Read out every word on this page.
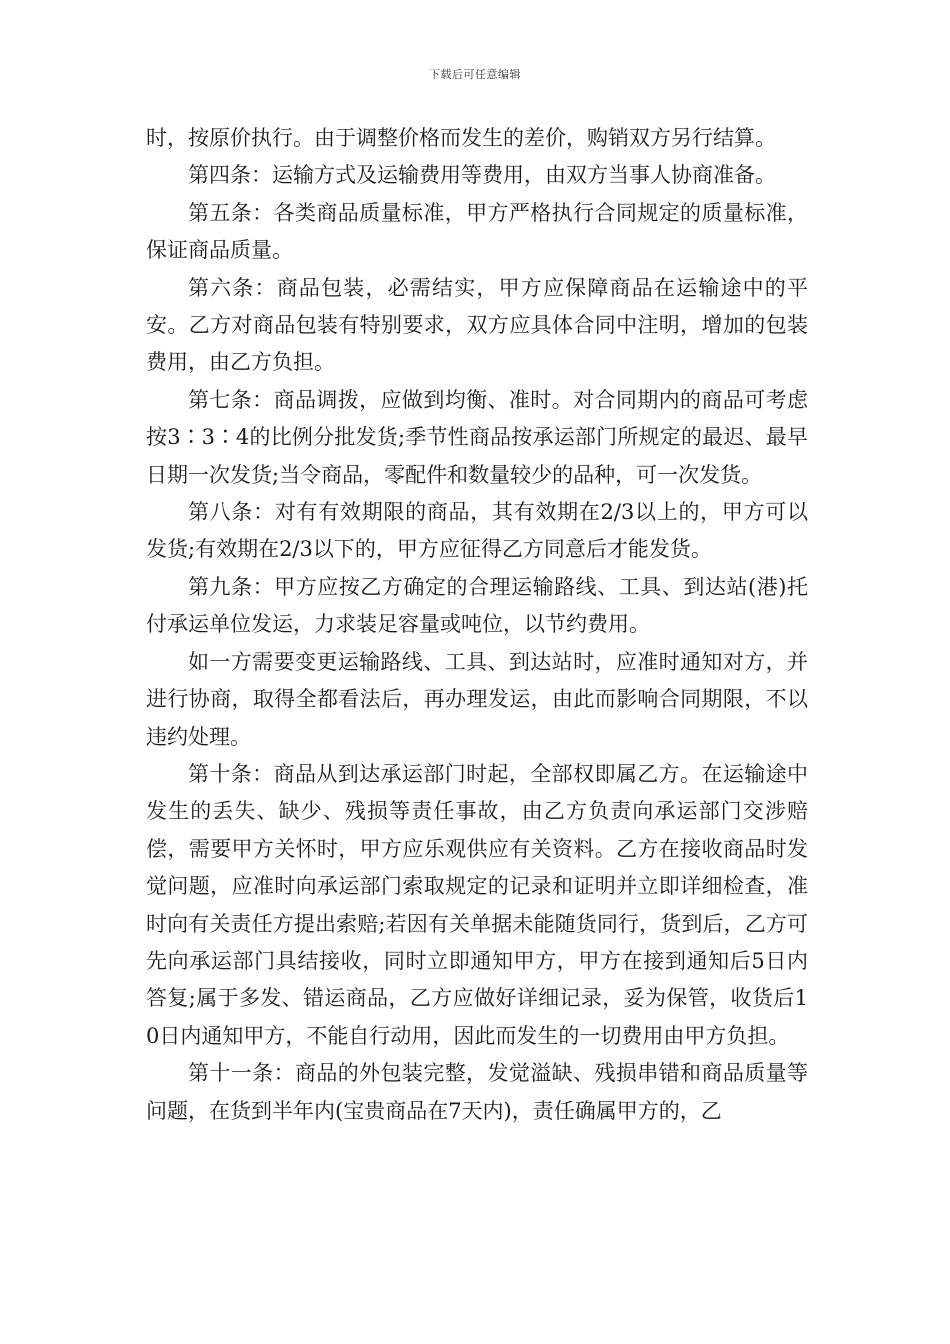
下载后可任意编辑

时，按原价执行。由于调整价格而发生的差价，购销双方另行结算。

第四条：运输方式及运输费用等费用，由双方当事人协商准备。

第五条：各类商品质量标准，甲方严格执行合同规定的质量标准，保证商品质量。

第六条：商品包装，必需结实，甲方应保障商品在运输途中的平安。乙方对商品包装有特别要求，双方应具体合同中注明，增加的包装费用，由乙方负担。

第七条：商品调拨，应做到均衡、准时。对合同期内的商品可考虑按3∶3∶4的比例分批发货;季节性商品按承运部门所规定的最迟、最早日期一次发货;当令商品，零配件和数量较少的品种，可一次发货。

第八条：对有有效期限的商品，其有效期在2/3以上的，甲方可以发货;有效期在2/3以下的，甲方应征得乙方同意后才能发货。

第九条：甲方应按乙方确定的合理运输路线、工具、到达站(港)托付承运单位发运，力求装足容量或吨位，以节约费用。

如一方需要变更运输路线、工具、到达站时，应准时通知对方，并进行协商，取得全都看法后，再办理发运，由此而影响合同期限，不以违约处理。

第十条：商品从到达承运部门时起，全部权即属乙方。在运输途中发生的丢失、缺少、残损等责任事故，由乙方负责向承运部门交涉赔偿，需要甲方关怀时，甲方应乐观供应有关资料。乙方在接收商品时发觉问题，应准时向承运部门索取规定的记录和证明并立即详细检查，准时向有关责任方提出索赔;若因有关单据未能随货同行，货到后，乙方可先向承运部门具结接收，同时立即通知甲方，甲方在接到通知后5日内答复;属于多发、错运商品，乙方应做好详细记录，妥为保管，收货后10日内通知甲方，不能自行动用，因此而发生的一切费用由甲方负担。

第十一条：商品的外包装完整，发觉溢缺、残损串错和商品质量等问题，在货到半年内(宝贵商品在7天内)，责任确属甲方的，乙
